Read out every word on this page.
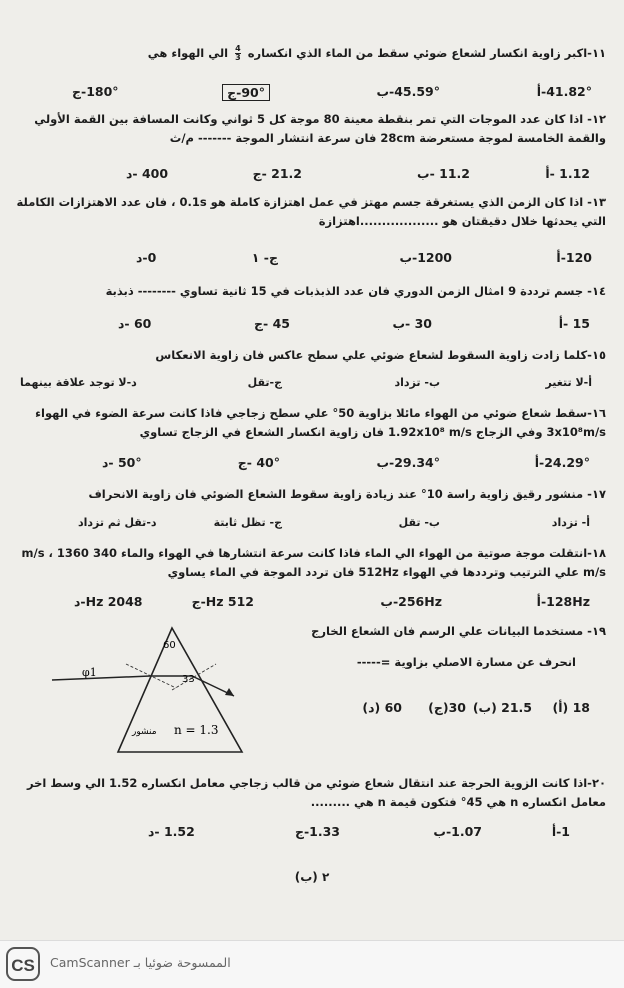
١١-اكبر زاوية انكسار لشعاع ضوئي سقط من الماء الذي انكساره
$\frac{4}{3}$
الي الهواء هي
41.82°-أ
45.59°-ب
90°-ج
180°-ج
١٢- اذا كان عدد الموجات التي تمر بنقطة معينة 80 موجة كل 5 ثواني وكانت المسافة بين القمة الأولي والقمة الخامسة لموجة مستعرضة 28cm فان سرعة انتشار الموجة ------- م/ث
1.12 -أ
11.2 -ب
21.2 -ج
400 -د
١٣- اذا كان الزمن الذي يستغرقة جسم مهتز في عمل اهتزازة كاملة هو 0.1s ، فان عدد الاهتزازات الكاملة التي يحدثها خلال دقيقتان هو ..................اهتزازة
120-أ
1200-ب
ج- ١
0-د
١٤- جسم ترددة 9 امثال الزمن الدوري فان عدد الذبذبات في 15 ثانية تساوي -------- ذبذبة
15 -أ
30 -ب
45 -ج
60 -د
١٥-كلما زادت زاوية السقوط لشعاع ضوئي علي سطح عاكس فان زاوية الانعكاس
أ-لا تتغير
ب- تزداد
ج-تقل
د-لا توجد علاقة بينهما
١٦-سقط شعاع ضوئي من الهواء مائلا بزاوية 50° علي سطح زجاجي فاذا كانت سرعة الضوء في الهواء 3x10⁸m/s وفي الزجاج 1.92x10⁸ m/s فان زاوية انكسار الشعاع في الزجاج تساوي
24.29°-أ
29.34°-ب
40° -ج
50° -د
١٧- منشور رقيق زاوية راسة 10° عند زيادة زاوية سقوط الشعاع الضوئي فان زاوية الانحراف
أ- تزداد
ب- تقل
ج- تظل ثابتة
د-تقل ثم تزداد
١٨-انتقلت موجة صوتية من الهواء الي الماء فاذا كانت سرعة انتشارها في الهواء والماء 340 m/s ، 1360 m/s علي الترتيب وترددها في الهواء 512Hz فان تردد الموجة في الماء يساوي
128Hz-أ
256Hz-ب
512 Hz-ج
2048 Hz-د
١٩- مستخدما البيانات علي الرسم فان الشعاع الخارج
انحرف عن مسارة الاصلي بزاوية =-----
18 (أ)
21.5 (ب)
30(ج)
60 (د)
60
33
φ1
n = 1.3
منشور
٢٠-اذا كانت الزوية الحرجة عند انتقال شعاع ضوئي من قالب زجاجي معامل انكساره 1.52 الي وسط اخر معامل انكساره n هي 45° فتكون قيمة n هي .........
1-أ
1.07-ب
1.33-ج
1.52 -د
٢ (ب)
CS	الممسوحة ضوئيا بـ CamScanner
